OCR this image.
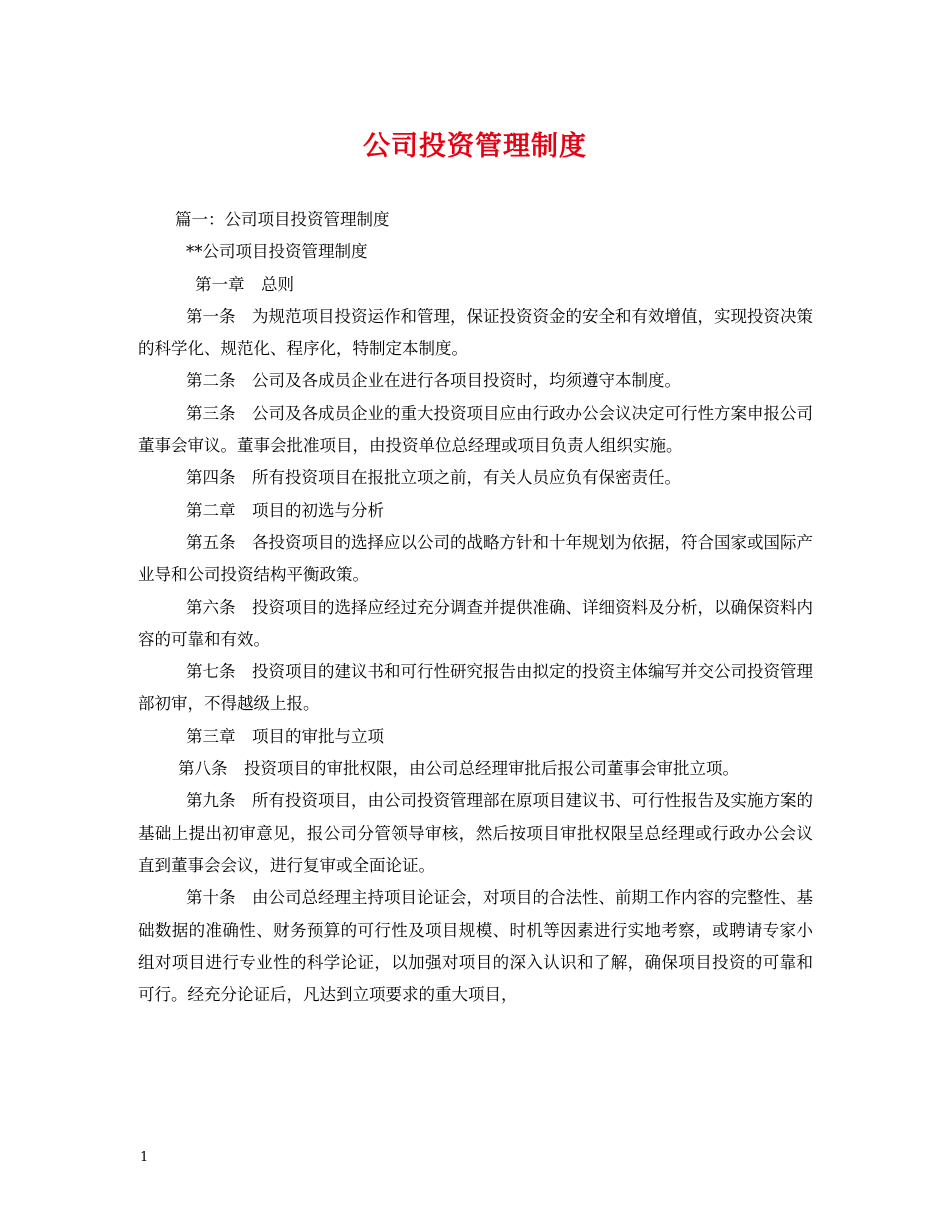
公司投资管理制度

篇一：公司项目投资管理制度

**公司项目投资管理制度

第一章　总则

第一条　为规范项目投资运作和管理，保证投资资金的安全和有效增值，实现投资决策的科学化、规范化、程序化，特制定本制度。

第二条　公司及各成员企业在进行各项目投资时，均须遵守本制度。

第三条　公司及各成员企业的重大投资项目应由行政办公会议决定可行性方案申报公司董事会审议。董事会批准项目，由投资单位总经理或项目负责人组织实施。

第四条　所有投资项目在报批立项之前，有关人员应负有保密责任。

第二章　项目的初选与分析

第五条　各投资项目的选择应以公司的战略方针和十年规划为依据，符合国家或国际产业导和公司投资结构平衡政策。

第六条　投资项目的选择应经过充分调查并提供准确、详细资料及分析，以确保资料内容的可靠和有效。

第七条　投资项目的建议书和可行性研究报告由拟定的投资主体编写并交公司投资管理部初审，不得越级上报。

第三章　项目的审批与立项

第八条　投资项目的审批权限，由公司总经理审批后报公司董事会审批立项。

第九条　所有投资项目，由公司投资管理部在原项目建议书、可行性报告及实施方案的基础上提出初审意见，报公司分管领导审核，然后按项目审批权限呈总经理或行政办公会议直到董事会会议，进行复审或全面论证。

第十条　由公司总经理主持项目论证会，对项目的合法性、前期工作内容的完整性、基础数据的准确性、财务预算的可行性及项目规模、时机等因素进行实地考察，或聘请专家小组对项目进行专业性的科学论证，以加强对项目的深入认识和了解，确保项目投资的可靠和可行。经充分论证后，凡达到立项要求的重大项目，

1
